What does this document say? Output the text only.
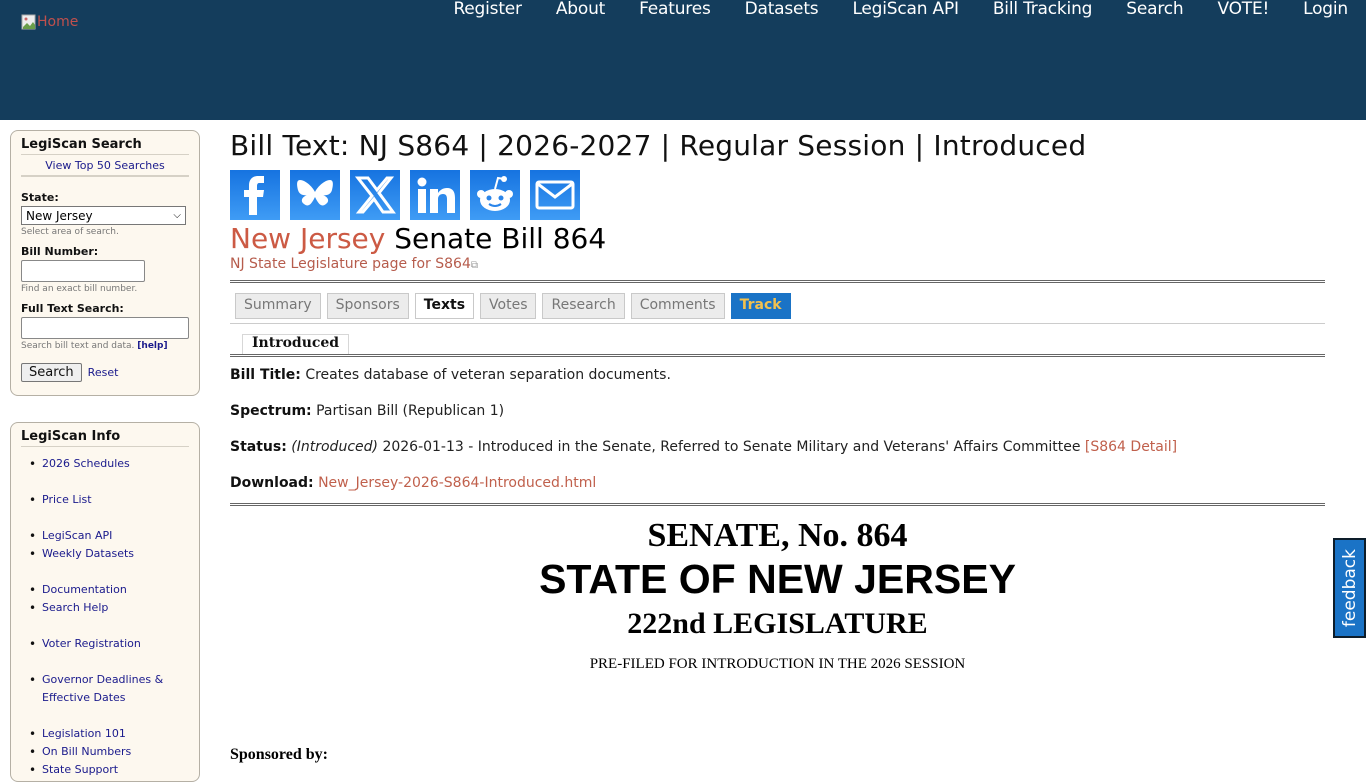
Home
Register	About	Features	Datasets	LegiScan API	Bill Tracking	Search	VOTE!	Login
LegiScan Search
View Top 50 Searches
State:
New Jersey	⌵
Select area of search.
Bill Number:
Find an exact bill number.
Full Text Search:
Search bill text and data. [help]
Search	Reset
LegiScan Info
• 2026 Schedules
• Price List
• LegiScan API
• Weekly Datasets
• Documentation
• Search Help
• Voter Registration
• Governor Deadlines &
Effective Dates
• Legislation 101
• On Bill Numbers
• State Support
Bill Text: NJ S864 | 2026-2027 | Regular Session | Introduced
New Jersey Senate Bill 864
NJ State Legislature page for S864⧉
Summary	Sponsors	Texts	Votes	Research	Comments	Track
Introduced

Bill Title: Creates database of veteran separation documents.

Spectrum: Partisan Bill (Republican 1)

Status: (Introduced) 2026-01-13 - Introduced in the Senate, Referred to Senate Military and Veterans' Affairs Committee [S864 Detail]

Download: New_Jersey-2026-S864-Introduced.html

SENATE, No. 864
STATE OF NEW JERSEY
222nd LEGISLATURE
PRE-FILED FOR INTRODUCTION IN THE 2026 SESSION
Sponsored by:
feedback
